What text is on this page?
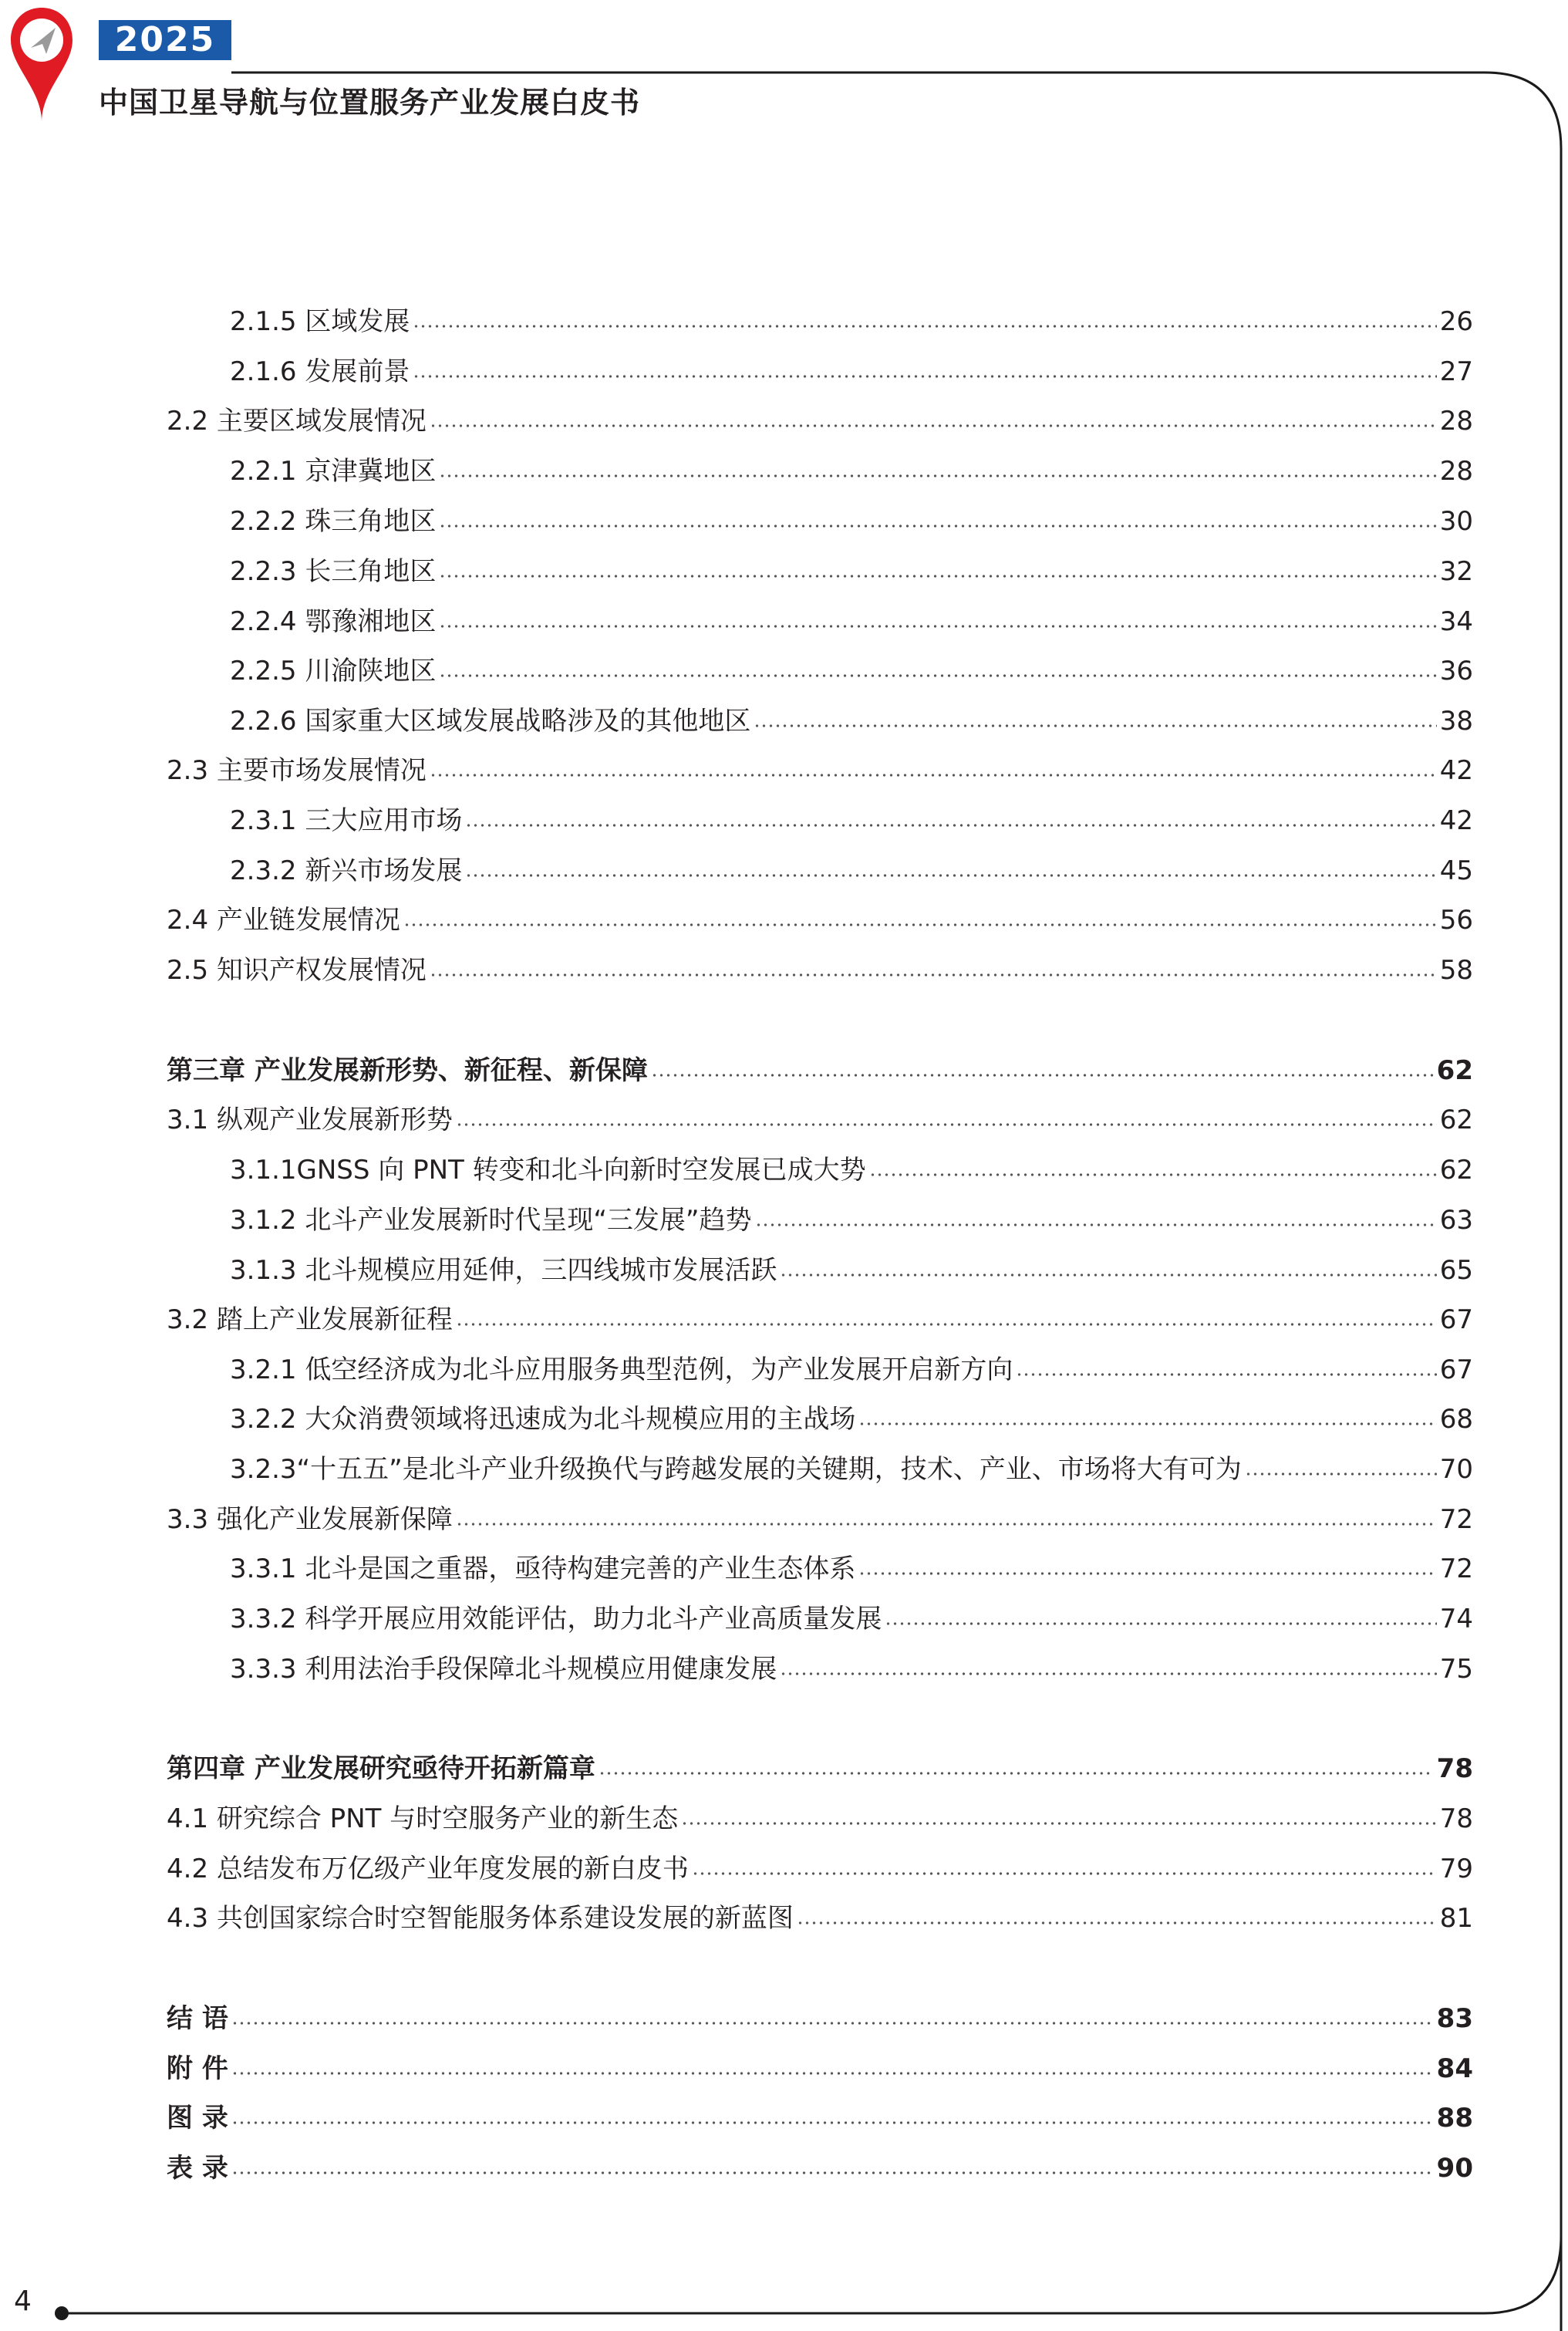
2025
中国卫星导航与位置服务产业发展白皮书
2.1.5 区域发展	26
2.1.6 发展前景	27
2.2 主要区域发展情况	28
2.2.1 京津冀地区	28
2.2.2 珠三角地区	30
2.2.3 长三角地区	32
2.2.4 鄂豫湘地区	34
2.2.5 川渝陕地区	36
2.2.6 国家重大区域发展战略涉及的其他地区	38
2.3 主要市场发展情况	42
2.3.1 三大应用市场	42
2.3.2 新兴市场发展	45
2.4 产业链发展情况	56
2.5 知识产权发展情况	58
第三章 产业发展新形势、新征程、新保障	62
3.1 纵观产业发展新形势	62
3.1.1GNSS 向 PNT 转变和北斗向新时空发展已成大势	62
3.1.2 北斗产业发展新时代呈现“三发展”趋势	63
3.1.3 北斗规模应用延伸，三四线城市发展活跃	65
3.2 踏上产业发展新征程	67
3.2.1 低空经济成为北斗应用服务典型范例，为产业发展开启新方向	67
3.2.2 大众消费领域将迅速成为北斗规模应用的主战场	68
3.2.3“十五五”是北斗产业升级换代与跨越发展的关键期，技术、产业、市场将大有可为	70
3.3 强化产业发展新保障	72
3.3.1 北斗是国之重器，亟待构建完善的产业生态体系	72
3.3.2 科学开展应用效能评估，助力北斗产业高质量发展	74
3.3.3 利用法治手段保障北斗规模应用健康发展	75
第四章 产业发展研究亟待开拓新篇章	78
4.1 研究综合 PNT 与时空服务产业的新生态	78
4.2 总结发布万亿级产业年度发展的新白皮书	79
4.3 共创国家综合时空智能服务体系建设发展的新蓝图	81
结 语	83
附 件	84
图 录	88
表 录	90
4
